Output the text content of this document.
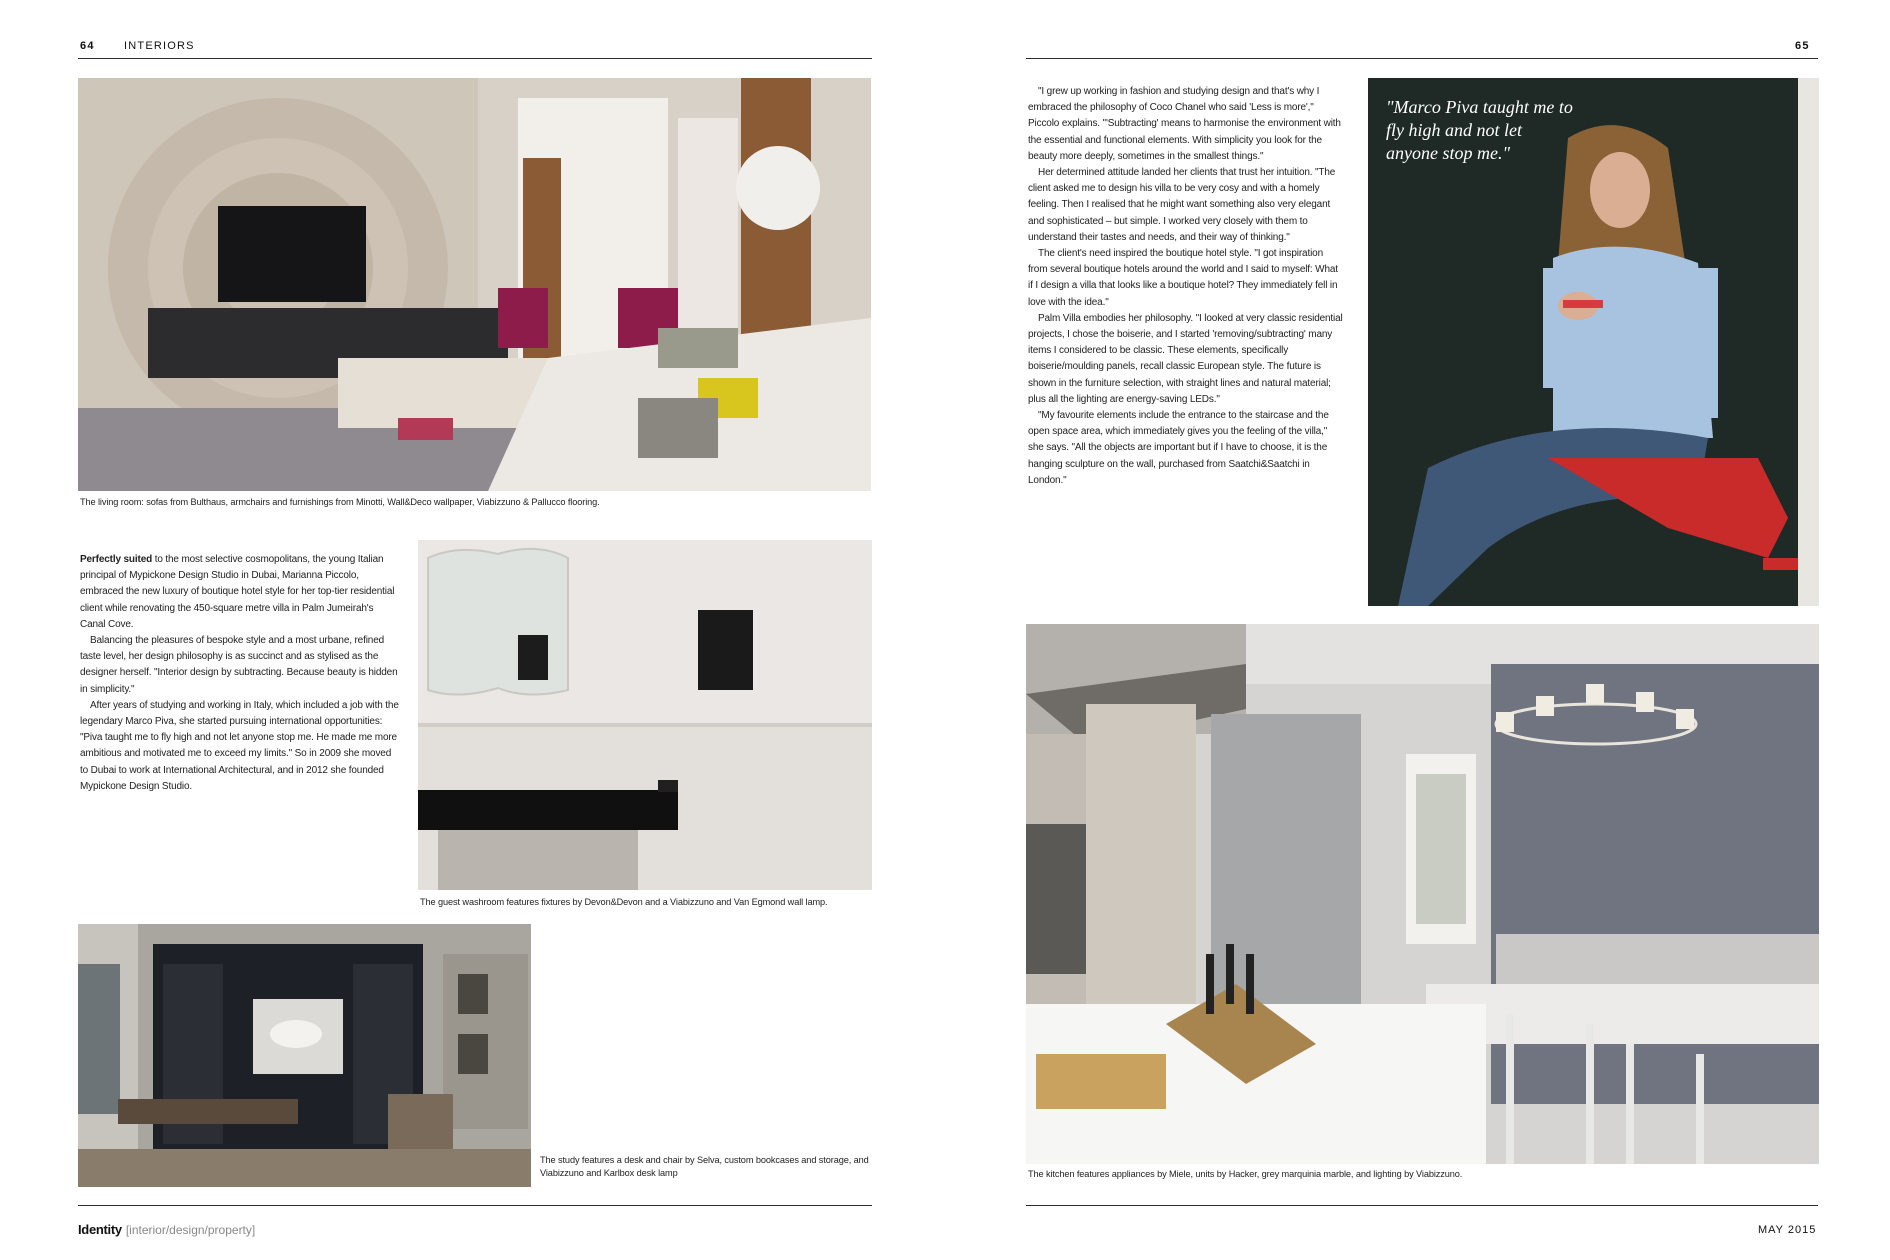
64	INTERIORS	65
The living room: sofas from Bulthaus, armchairs and furnishings from Minotti, Wall&Deco wallpaper, Viabizzuno & Pallucco flooring.

Perfectly suited to the most selective cosmopolitans, the young Italian principal of Mypickone Design Studio in Dubai, Marianna Piccolo, embraced the new luxury of boutique hotel style for her top-tier residential client while renovating the 450-square metre villa in Palm Jumeirah's Canal Cove.

Balancing the pleasures of bespoke style and a most urbane, refined taste level, her design philosophy is as succinct and as stylised as the designer herself. "Interior design by subtracting. Because beauty is hidden in simplicity."

After years of studying and working in Italy, which included a job with the legendary Marco Piva, she started pursuing international opportunities: "Piva taught me to fly high and not let anyone stop me. He made me more ambitious and motivated me to exceed my limits." So in 2009 she moved to Dubai to work at International Architectural, and in 2012 she founded Mypickone Design Studio.

The guest washroom features fixtures by Devon&Devon and a Viabizzuno and Van Egmond wall lamp.
The study features a desk and chair by Selva, custom bookcases and storage, and Viabizzuno and Karlbox desk lamp

"I grew up working in fashion and studying design and that's why I embraced the philosophy of Coco Chanel who said 'Less is more'," Piccolo explains. "'Subtracting' means to harmonise the environment with the essential and functional elements. With simplicity you look for the beauty more deeply, sometimes in the smallest things."

Her determined attitude landed her clients that trust her intuition. "The client asked me to design his villa to be very cosy and with a homely feeling. Then I realised that he might want something also very elegant and sophisticated – but simple. I worked very closely with them to understand their tastes and needs, and their way of thinking."

The client's need inspired the boutique hotel style. "I got inspiration from several boutique hotels around the world and I said to myself: What if I design a villa that looks like a boutique hotel? They immediately fell in love with the idea."

Palm Villa embodies her philosophy. "I looked at very classic residential projects, I chose the boiserie, and I started 'removing/subtracting' many items I considered to be classic. These elements, specifically boiserie/moulding panels, recall classic European style. The future is shown in the furniture selection, with straight lines and natural material; plus all the lighting are energy-saving LEDs."

"My favourite elements include the entrance to the staircase and the open space area, which immediately gives you the feeling of the villa," she says. "All the objects are important but if I have to choose, it is the hanging sculpture on the wall, purchased from Saatchi&Saatchi in London."

"Marco Piva taught me to fly high and not let anyone stop me."
The kitchen features appliances by Miele, units by Hacker, grey marquinia marble, and lighting by Viabizzuno.
Identity [interior/design/property]	MAY 2015
